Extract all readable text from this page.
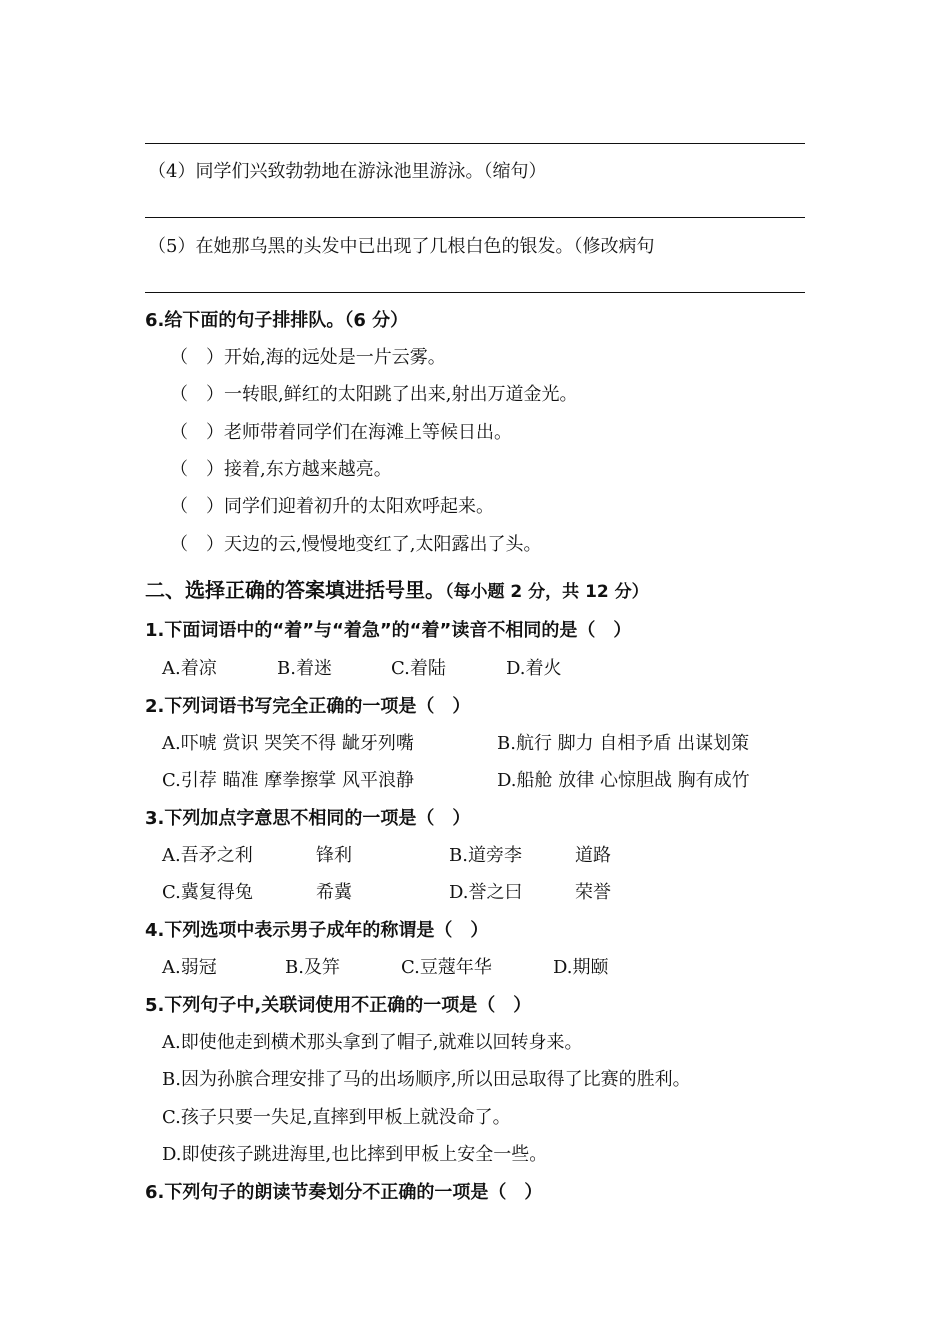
（4）同学们兴致勃勃地在游泳池里游泳。（缩句）
（5）在她那乌黑的头发中已出现了几根白色的银发。（修改病句
6.给下面的句子排排队。（6 分）
（　）开始,海的远处是一片云雾。
（　）一转眼,鲜红的太阳跳了出来,射出万道金光。
（　）老师带着同学们在海滩上等候日出。
（　）接着,东方越来越亮。
（　）同学们迎着初升的太阳欢呼起来。
（　）天边的云,慢慢地变红了,太阳露出了头。
二、选择正确的答案填进括号里。（每小题 2 分，共 12 分）
1.下面词语中的“着”与“着急”的“着”读音不相同的是（　）
A.着凉	B.着迷	C.着陆	D.着火
2.下列词语书写完全正确的一项是（　）
A.吓唬 赏识 哭笑不得 龇牙列嘴	B.航行 脚力 自相予盾 出谋划策
C.引荐 瞄准 摩拳擦掌 风平浪静	D.船舱 放律 心惊胆战 胸有成竹
3.下列加点字意思不相同的一项是（　）
A.吾矛之利	锋利	B.道旁李	道路
C.冀复得兔	希冀	D.誉之曰	荣誉
4.下列选项中表示男子成年的称谓是（　）
A.弱冠	B.及笄	C.豆蔻年华	D.期颐
5.下列句子中,关联词使用不正确的一项是（　）
A.即使他走到横术那头拿到了帽子,就难以回转身来。
B.因为孙膑合理安排了马的出场顺序,所以田忌取得了比赛的胜利。
C.孩子只要一失足,直摔到甲板上就没命了。
D.即使孩子跳进海里,也比摔到甲板上安全一些。
6.下列句子的朗读节奏划分不正确的一项是（　）
